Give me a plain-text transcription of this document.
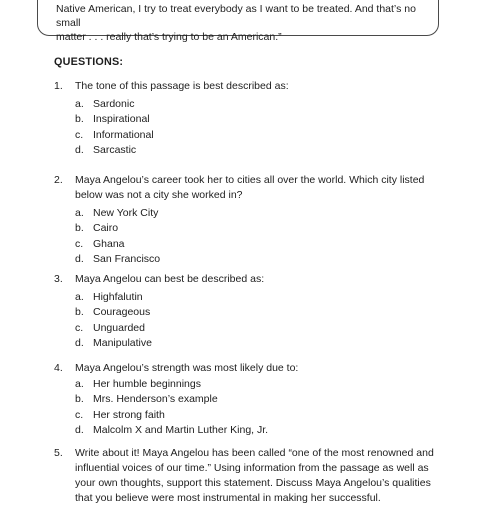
Native American, I try to treat everybody as I want to be treated. And that’s no small
matter . . . really that’s trying to be an American.”

QUESTIONS:
1. The tone of this passage is best described as:
a. Sardonic
b. Inspirational
c. Informational
d. Sarcastic
2. Maya Angelou’s career took her to cities all over the world. Which city listed
below was not a city she worked in?
a. New York City
b. Cairo
c. Ghana
d. San Francisco
3. Maya Angelou can best be described as:
a. Highfalutin
b. Courageous
c. Unguarded
d. Manipulative
4. Maya Angelou’s strength was most likely due to:
a. Her humble beginnings
b. Mrs. Henderson’s example
c. Her strong faith
d. Malcolm X and Martin Luther King, Jr.
5. Write about it! Maya Angelou has been called “one of the most renowned and
influential voices of our time.” Using information from the passage as well as
your own thoughts, support this statement. Discuss Maya Angelou’s qualities
that you believe were most instrumental in making her successful.
